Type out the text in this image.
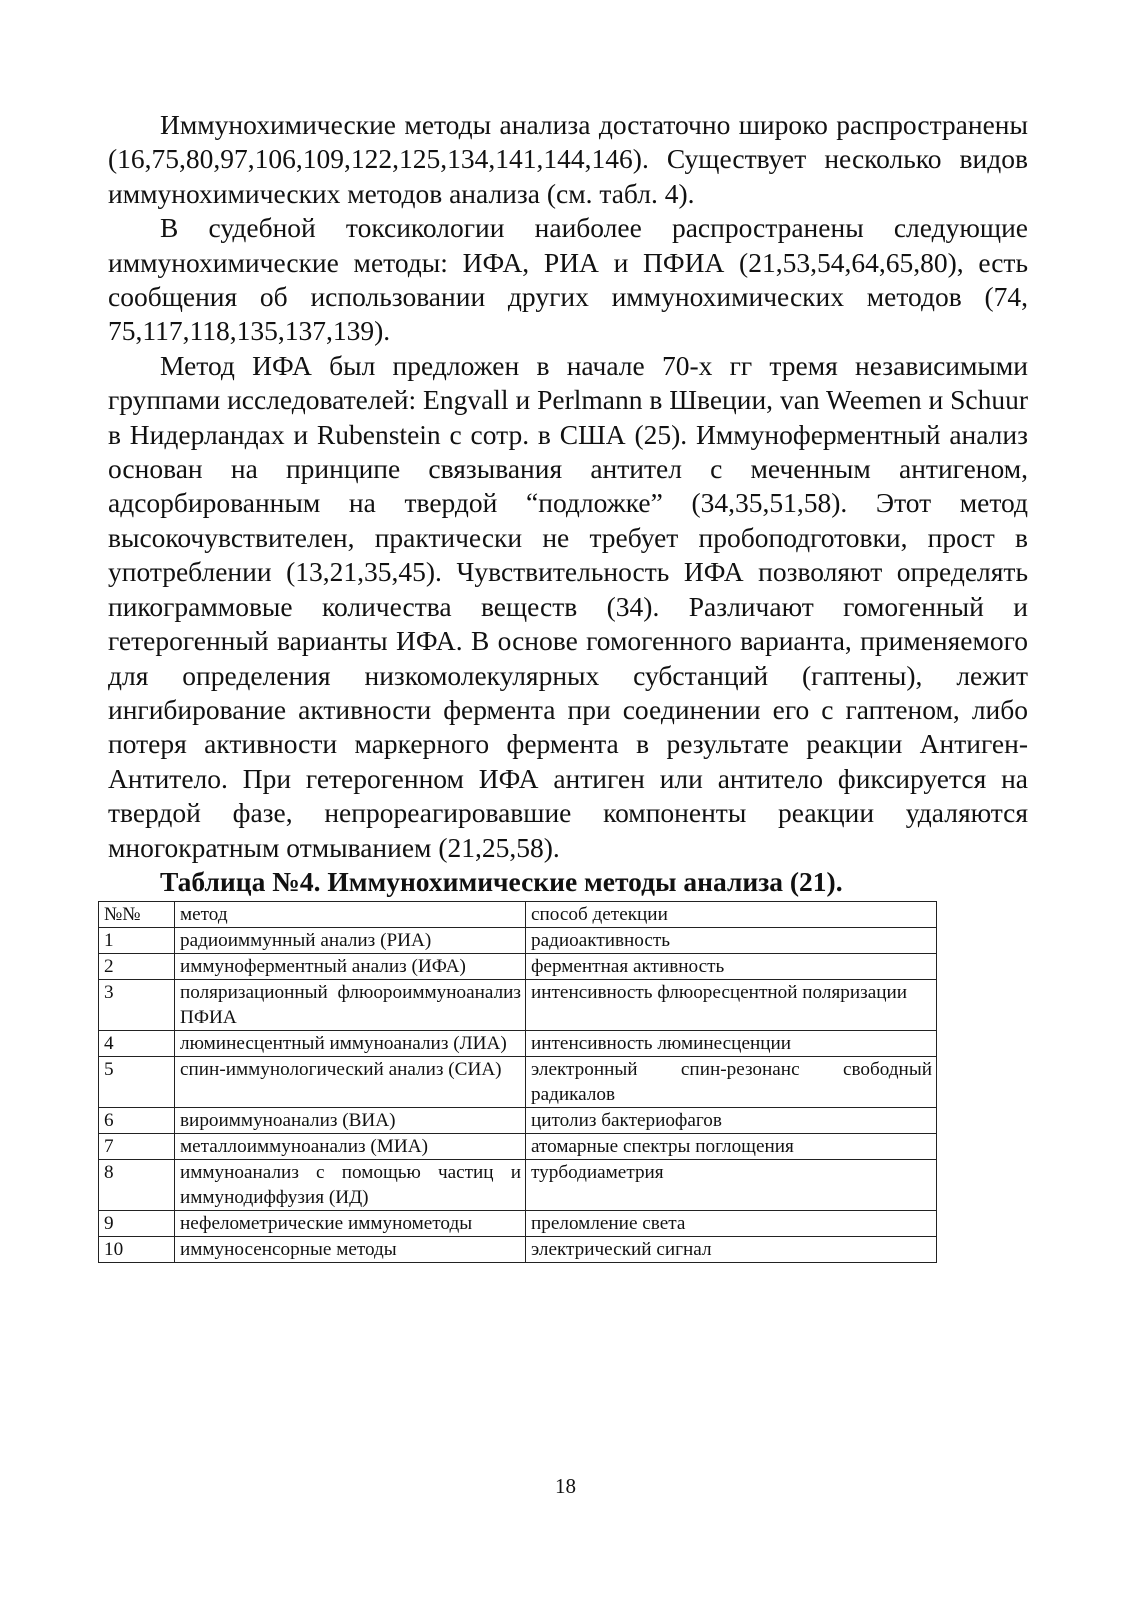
Иммунохимические методы анализа достаточно широко распространены (16,75,80,97,106,109,122,125,134,141,144,146). Существует несколько видов иммунохимических методов анализа (см. табл. 4).

В судебной токсикологии наиболее распространены следующие иммунохимические методы: ИФА, РИА и ПФИА (21,53,54,64,65,80), есть сообщения об использовании других иммунохимических методов (74, 75,117,118,135,137,139).

Метод ИФА был предложен в начале 70-х гг тремя независимыми группами исследователей: Engvall и Perlmann в Швеции, van Weemen и Schuur в Нидерландах и Rubenstein с сотр. в США (25). Иммуноферментный анализ основан на принципе связывания антител с меченным антигеном, адсорбированным на твердой “подложке” (34,35,51,58). Этот метод высокочувствителен, практически не требует пробоподготовки, прост в употреблении (13,21,35,45). Чувствительность ИФА позволяют определять пикограммовые количества веществ (34). Различают гомогенный и гетерогенный варианты ИФА. В основе гомогенного варианта, применяемого для определения низкомолекулярных субстанций (гаптены), лежит ингибирование активности фермента при соединении его с гаптеном, либо потеря активности маркерного фермента в результате реакции Антиген-Антитело. При гетерогенном ИФА антиген или антитело фиксируется на твердой фазе, непрореагировавшие компоненты реакции удаляются многократным отмыванием (21,25,58).

Таблица №4. Иммунохимические методы анализа (21).

№№	метод	способ детекции
1	радиоиммунный анализ (РИА)	радиоактивность
2	иммуноферментный анализ (ИФА)	ферментная активность
3	поляризационный флюороиммуноанализ ПФИА	интенсивность флюоресцентной поляризации
4	люминесцентный иммуноанализ (ЛИА)	интенсивность люминесценции
5	спин-иммунологический анализ (СИА)	электронный спин-резонанс свободный радикалов
6	вироиммуноанализ (ВИА)	цитолиз бактериофагов
7	металлоиммуноанализ (МИА)	атомарные спектры поглощения
8	иммуноанализ с помощью частиц и иммунодиффузия (ИД)	турбодиаметрия
9	нефелометрические иммунометоды	преломление света
10	иммуносенсорные методы	электрический сигнал
18
